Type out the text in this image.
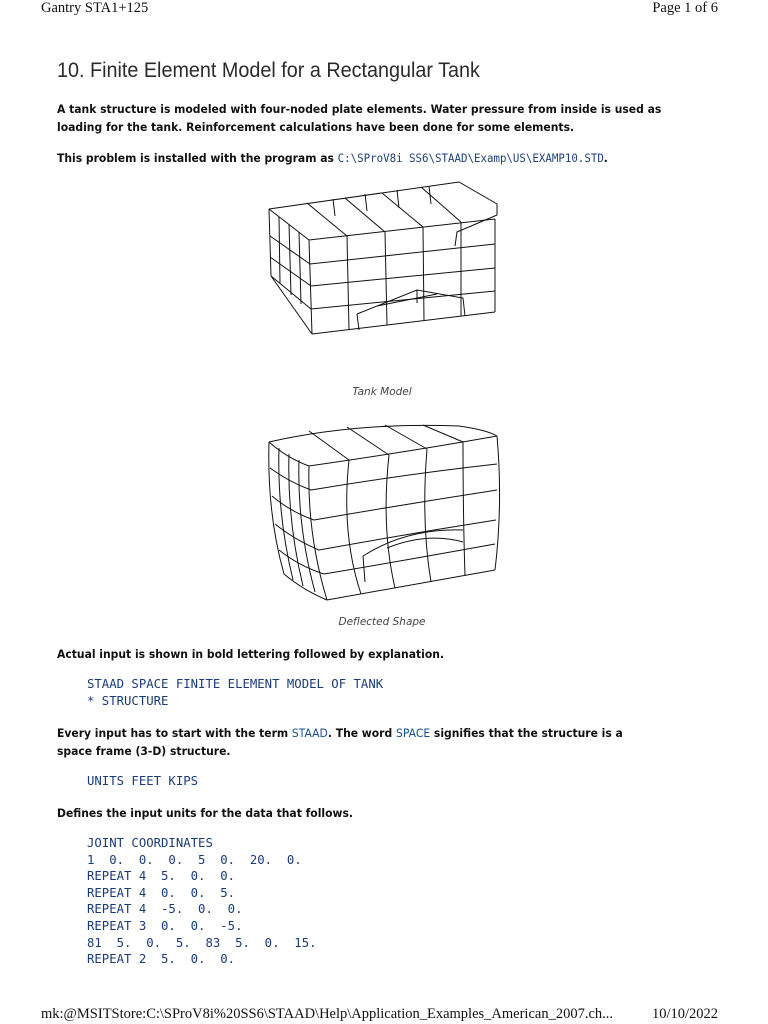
Gantry STA1+125	Page 1 of 6
10. Finite Element Model for a Rectangular Tank

A tank structure is modeled with four-noded plate elements. Water pressure from inside is used as loading for the tank. Reinforcement calculations have been done for some elements.

This problem is installed with the program as C:\SProV8i SS6\STAAD\Examp\US\EXAMP10.STD.

Tank Model
Deflected Shape

Actual input is shown in bold lettering followed by explanation.

STAAD SPACE FINITE ELEMENT MODEL OF TANK
* STRUCTURE

Every input has to start with the term STAAD. The word SPACE signifies that the structure is a space frame (3-D) structure.

UNITS FEET KIPS

Defines the input units for the data that follows.

JOINT COORDINATES
1  0.  0.  0.  5  0.  20.  0.
REPEAT 4  5.  0.  0.
REPEAT 4  0.  0.  5.
REPEAT 4  -5.  0.  0.
REPEAT 3  0.  0.  -5.
81  5.  0.  5.  83  5.  0.  15.
REPEAT 2  5.  0.  0.
mk:@MSITStore:C:\SProV8i%20SS6\STAAD\Help\Application_Examples_American_2007.ch...	10/10/2022
